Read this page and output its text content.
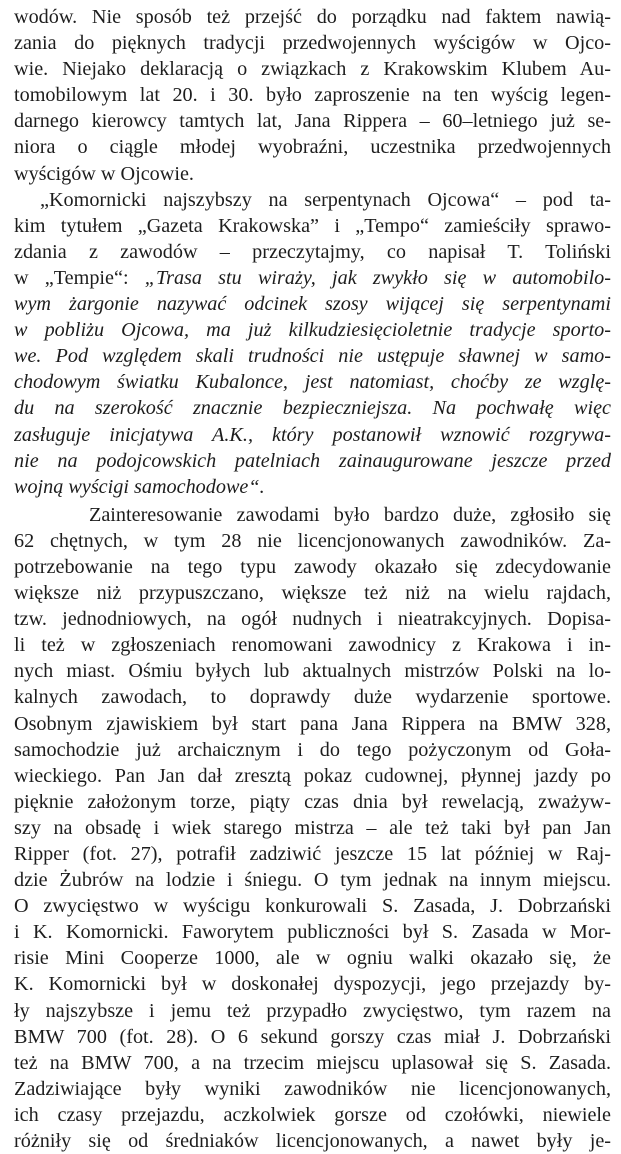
wodów. Nie sposób też przejść do porządku nad faktem nawią-
zania do pięknych tradycji przedwojennych wyścigów w Ojco-
wie. Niejako deklaracją o związkach z Krakowskim Klubem Au-
tomobilowym lat 20. i 30. było zaproszenie na ten wyścig legen-
darnego kierowcy tamtych lat, Jana Rippera – 60–letniego już se-
niora o ciągle młodej wyobraźni, uczestnika przedwojennych
wyścigów w Ojcowie.
„Komornicki najszybszy na serpentynach Ojcowa“ – pod ta-
kim tytułem „Gazeta Krakowska” i „Tempo“ zamieściły sprawo-
zdania z zawodów – przeczytajmy, co napisał T. Toliński
w „Tempie“: „Trasa stu wirażу, jak zwykło się w automobilo-
wym żargonie nazywać odcinek szosy wijącej się serpentynami
w pobliżu Ojcowa, ma już kilkudziesięcioletnie tradycje sporto-
we. Pod względem skali trudności nie ustępuje sławnej w samo-
chodowym światku Kubalonce, jest natomiast, choćby ze wzglę-
du na szerokość znacznie bezpieczniejsza. Na pochwałę więc
zasługuje inicjatywa A.K., który postanowił wznowić rozgrywa-
nie na podojcowskich patelniach zainaugurowane jeszcze przed
wojną wyścigi samochodowe“.
Zainteresowanie zawodami było bardzo duże, zgłosiło się
62 chętnych, w tym 28 nie licencjonowanych zawodników. Za-
potrzebowanie na tego typu zawody okazało się zdecydowanie
większe niż przypuszczano, większe też niż na wielu rajdach,
tzw. jednodniowych, na ogół nudnych i nieatrakcyjnych. Dopisa-
li też w zgłoszeniach renomowani zawodnicy z Krakowa i in-
nych miast. Ośmiu byłych lub aktualnych mistrzów Polski na lo-
kalnych zawodach, to doprawdy duże wydarzenie sportowe.
Osobnym zjawiskiem był start pana Jana Rippera na BMW 328,
samochodzie już archaicznym i do tego pożyczonym od Goła-
wieckiego. Pan Jan dał zresztą pokaz cudownej, płynnej jazdy po
pięknie założonym torze, piąty czas dnia był rewelacją, zważyw-
szy na obsadę i wiek starego mistrza – ale też taki był pan Jan
Ripper (fot. 27), potrafił zadziwić jeszcze 15 lat później w Raj-
dzie Żubrów na lodzie i śniegu. O tym jednak na innym miejscu.
O zwycięstwo w wyścigu konkurowali S. Zasada, J. Dobrzański
i K. Komornicki. Faworytem publiczności był S. Zasada w Mor-
risie Mini Cooperze 1000, ale w ogniu walki okazało się, że
K. Komornicki był w doskonałej dyspozycji, jego przejazdy by-
ły najszybsze i jemu też przypadło zwycięstwo, tym razem na
BMW 700 (fot. 28). O 6 sekund gorszy czas miał J. Dobrzański
też na BMW 700, a na trzecim miejscu uplasował się S. Zasada.
Zadziwiające były wyniki zawodników nie licencjonowanych,
ich czasy przejazdu, aczkolwiek gorsze od czołówki, niewiele
różniły się od średniaków licencjonowanych, a nawet były je-
